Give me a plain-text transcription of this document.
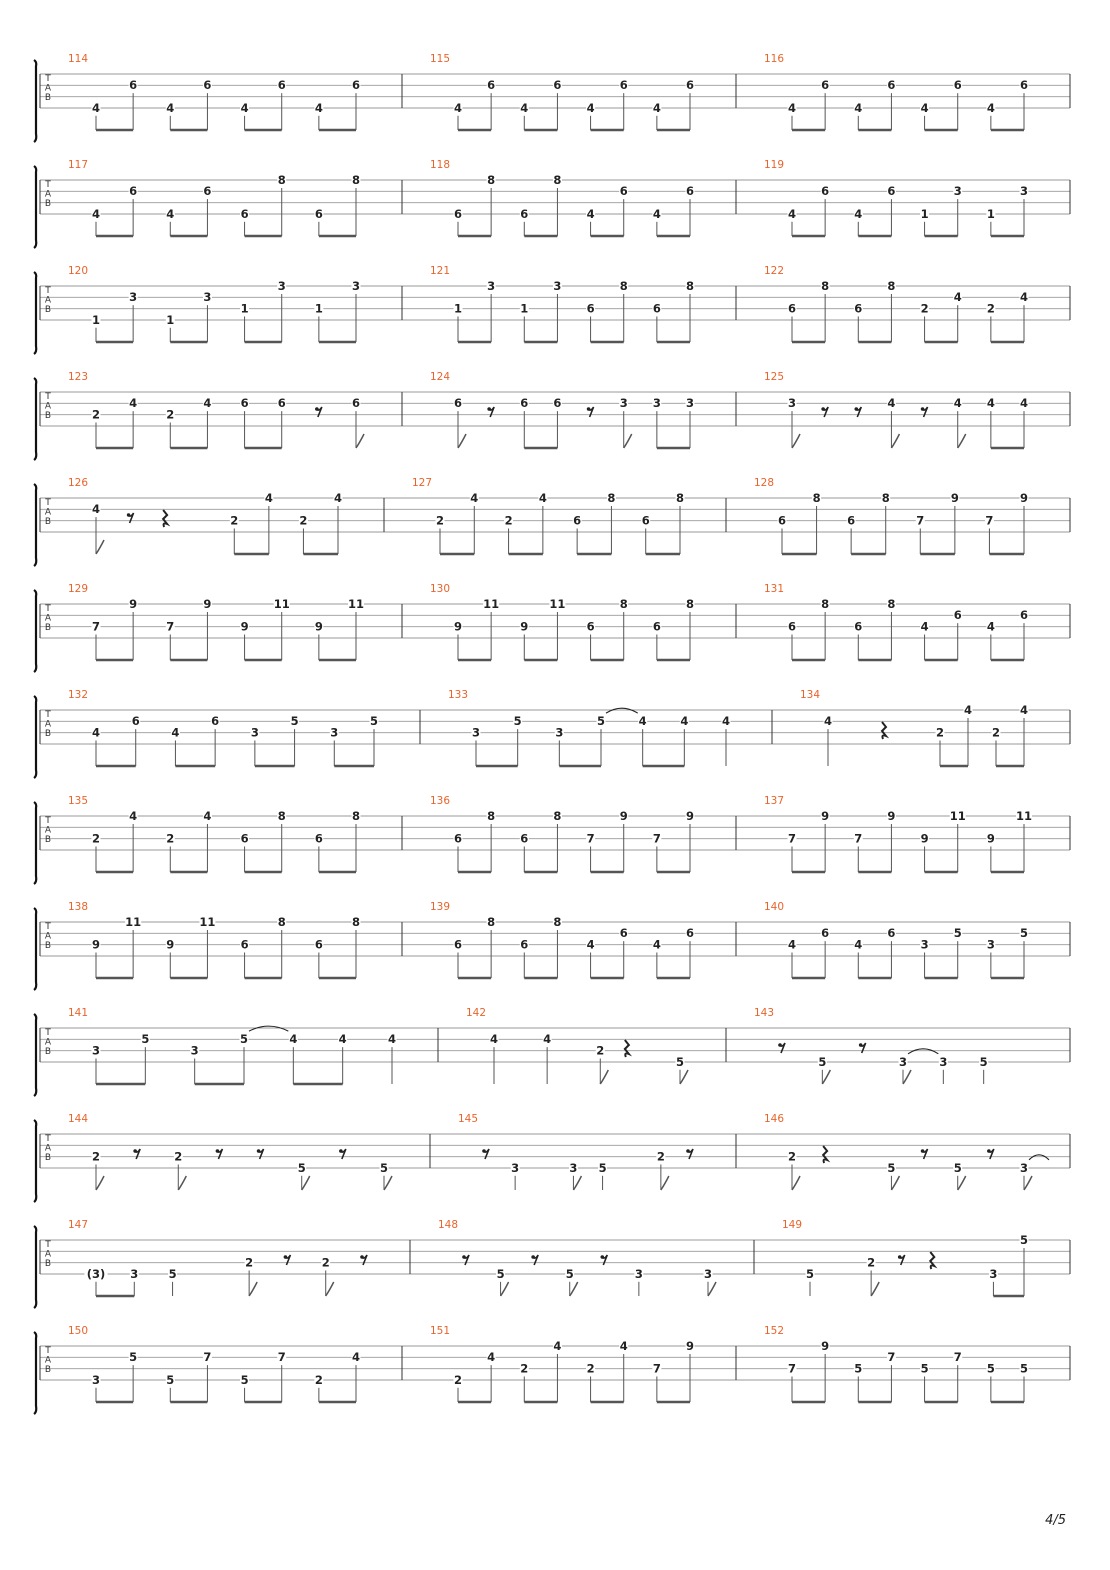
T
A
B
114
4
6
4
6
4
6
4
6
115
4
6
4
6
4
6
4
6
116
4
6
4
6
4
6
4
6
T
A
B
117
4
6
4
6
6
8
6
8
118
6
8
6
8
4
6
4
6
119
4
6
4
6
1
3
1
3
T
A
B
120
1
3
1
3
1
3
1
3
121
1
3
1
3
6
8
6
8
122
6
8
6
8
2
4
2
4
T
A
B
123
2
4
2
4	6	6	6
124
6	6 6	3 3 3
125
3	4	4 4 4
T
A
B
126
4
2
4
2
4
127
2
4
2
4
6
8
6
8
128
6
8
6
8
7
9
7
9
T
A
B
129
7
9
7
9
9
11
9
11
130
9
11
9
11
6
8
6
8
131
6
8
6
8
4
6
4
6
T
A
B
132
4
6
4
6
3
5
3
5
133
3
5
3
5	4	4	4
134
4
2
4
2
4
T
A
B
135
2
4
2
4
6
8
6
8
136
6
8
6
8
7
9
7
9
137
7
9
7
9
9
11
9
11
T
A
B
138
9
11
9
11
6
8
6
8
139
6
8
6
8
4
6
4
6
140
4
6
4
6
3
5
3
5
T
A
B
141
3
5
3
5	4	4	4
142
4	4
2
5
143
5	3	3	5
T
A
B
144
2	2
5	5
145
3	3 5
2
146
2
5	5	3
T
A
B
147
(3) 3	5
2	2
148
5	5	3	3
149
5
2
3
5
T
A
B
150
3
5
5
7
5
7
2
4
151
2
4
2
4
2
4
7
9
152
7
9
5
7
5
7
5 5
4/5
